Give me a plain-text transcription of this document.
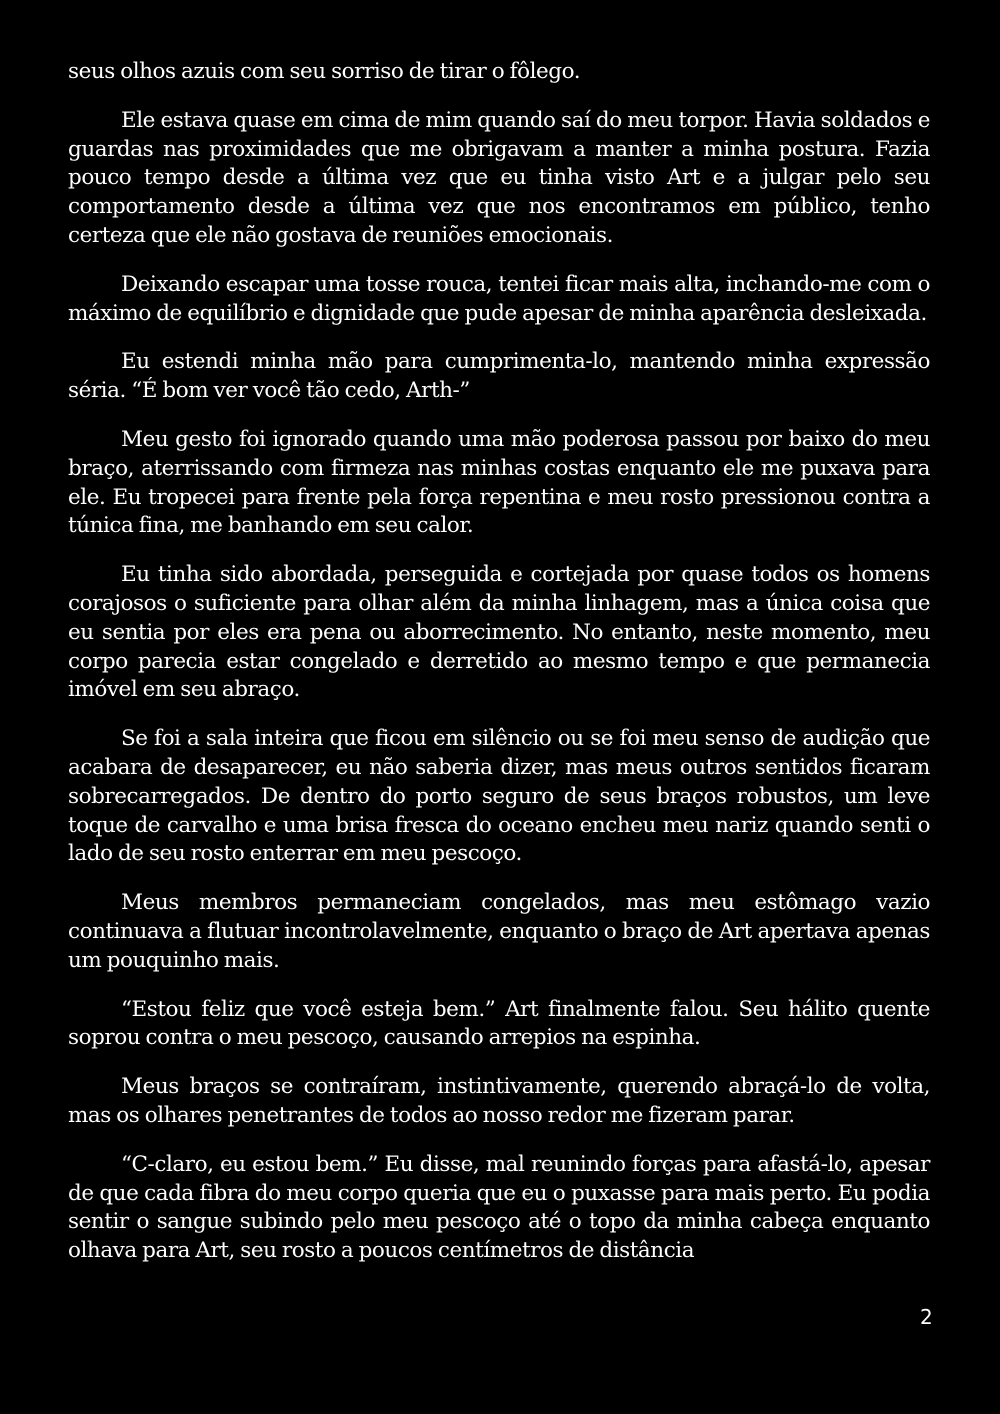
seus olhos azuis com seu sorriso de tirar o fôlego.

Ele estava quase em cima de mim quando saí do meu torpor. Havia soldados e guardas nas proximidades que me obrigavam a manter a minha postura. Fazia pouco tempo desde a última vez que eu tinha visto Art e a julgar pelo seu comportamento desde a última vez que nos encontramos em público, tenho certeza que ele não gostava de reuniões emocionais.

Deixando escapar uma tosse rouca, tentei ficar mais alta, inchando-me com o máximo de equilíbrio e dignidade que pude apesar de minha aparência desleixada.

Eu estendi minha mão para cumprimenta-lo, mantendo minha expressão séria. “É bom ver você tão cedo, Arth-”

Meu gesto foi ignorado quando uma mão poderosa passou por baixo do meu braço, aterrissando com firmeza nas minhas costas enquanto ele me puxava para ele. Eu tropecei para frente pela força repentina e meu rosto pressionou contra a túnica fina, me banhando em seu calor.

Eu tinha sido abordada, perseguida e cortejada por quase todos os homens corajosos o suficiente para olhar além da minha linhagem, mas a única coisa que eu sentia por eles era pena ou aborrecimento. No entanto, neste momento, meu corpo parecia estar congelado e derretido ao mesmo tempo e que permanecia imóvel em seu abraço.

Se foi a sala inteira que ficou em silêncio ou se foi meu senso de audição que acabara de desaparecer, eu não saberia dizer, mas meus outros sentidos ficaram sobrecarregados. De dentro do porto seguro de seus braços robustos, um leve toque de carvalho e uma brisa fresca do oceano encheu meu nariz quando senti o lado de seu rosto enterrar em meu pescoço.

Meus membros permaneciam congelados, mas meu estômago vazio continuava a flutuar incontrolavelmente, enquanto o braço de Art apertava apenas um pouquinho mais.

“Estou feliz que você esteja bem.” Art finalmente falou. Seu hálito quente soprou contra o meu pescoço, causando arrepios na espinha.

Meus braços se contraíram, instintivamente, querendo abraçá-lo de volta, mas os olhares penetrantes de todos ao nosso redor me fizeram parar.

“C-claro, eu estou bem.” Eu disse, mal reunindo forças para afastá-lo, apesar de que cada fibra do meu corpo queria que eu o puxasse para mais perto. Eu podia sentir o sangue subindo pelo meu pescoço até o topo da minha cabeça enquanto olhava para Art, seu rosto a poucos centímetros de distância

2
